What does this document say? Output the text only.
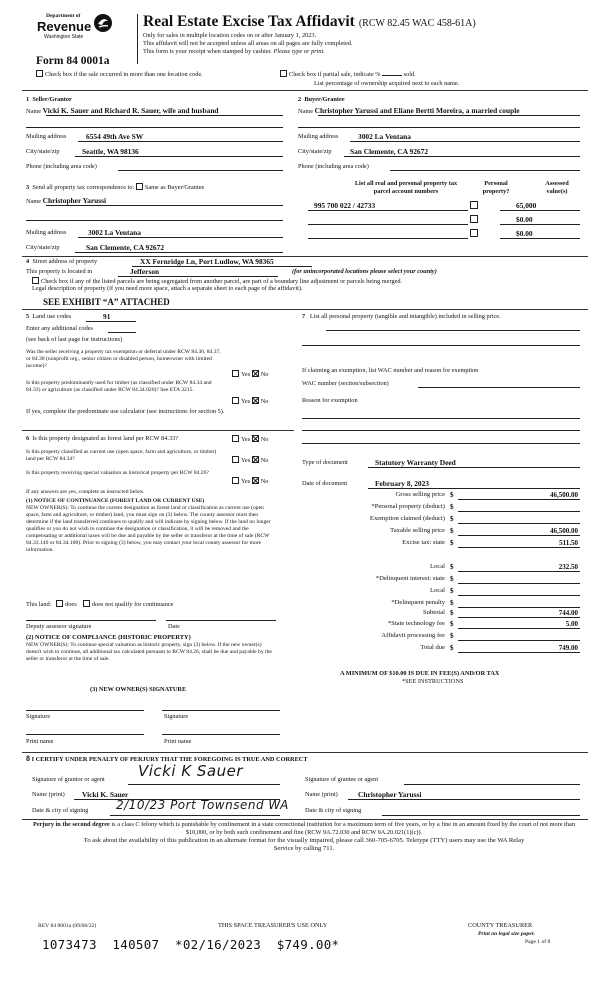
Department of
Revenue
Washington State
Form 84 0001a
Real Estate Excise Tax Affidavit (RCW 82.45 WAC 458-61A)
Only for sales in multiple location codes on or after January 1, 2023.
This affidavit will not be accepted unless all areas on all pages are fully completed.
This form is your receipt when stamped by cashier. Please type or print.
Check box if the sale occurred in more than one location code.	Check box if partial sale, indicate %	sold.
List percentage of ownership acquired next to each name.
1 Seller/Grantor
Name Vicki K. Sauer and Richard R. Sauer, wife and husband
Mailing address	6554 49th Ave SW
City/state/zip	Seattle, WA 98136
Phone (including area code)
2 Buyer/Grantee
Name Christopher Yarussi and Eliane Bertti Moreira, a married couple
Mailing address	3002 La Ventana
City/state/zip San Clemente, CA 92672
Phone (including area code)
3 Send all property tax correspondence to: Same as Buyer/Grantee
Name Christopher Yarussi
Mailing address	3002 La Ventana
City/state/zip	San Clemente, CA 92672
List all real and personal property tax parcel account numbers
Personal property?
Assessed value(s)
995 700 022 / 42733	65,000
$0.00
$0.00
4 Street address of property	XX Fernridge Ln, Port Ludlow, WA 98365
This property is located in	Jefferson	(for unincorporated locations please select your county)
Check box if any of the listed parcels are being segregated from another parcel, are part of a boundary line adjustment or parcels being merged.
Legal description of property (if you need more space, attach a separate sheet to each page of the affidavit).
SEE EXHIBIT “A” ATTACHED
5 Land use codes	91
Enter any additional codes
(see back of last page for instructions)
Was the seller receiving a property tax exemption or deferral under RCW 84.36, 84.37, or 84.38 (nonprofit org., senior citizen or disabled person, homeowner with limited income)?
Yes No
Is this property predominantly used for timber (as classified under RCW 84.34 and 84.33) or agriculture (as classified under RCW 84.34.020)? See ETA 3215.
Yes No
If yes, complete the predominate use calculator (see instructions for section 5).
7 List all personal property (tangible and intangible) included in selling price.
If claiming an exemption, list WAC number and reason for exemption
WAC number (section/subsection)
Reason for exemption
6 Is this property designated as forest land per RCW 84.33?	Yes No
Is this property classified as current use (open space, farm and agriculture, or timber) land per RCW 84.34?	Yes No
Is this property receiving special valuation as historical property per RCW 84.26?
Yes No
If any answers are yes, complete as instructed below.
(1) NOTICE OF CONTINUANCE (FOREST LAND OR CURRENT USE)
NEW OWNER(S): To continue the current designation as forest land or classification as current use (open space, farm and agriculture, or timber) land, you must sign on (3) below. The county assessor must then determine if the land transferred continues to qualify and will indicate by signing below. If the land no longer qualifies or you do not wish to continue the designation or classification, it will be removed and the compensating or additional taxes will be due and payable by the seller or transferor at the time of sale (RCW 84.33.140 or 84.34.108). Prior to signing (3) below, you may contact your local county assessor for more information.
This land: does does not qualify for continuance
Deputy assessor signature	Date
(2) NOTICE OF COMPLIANCE (HISTORIC PROPERTY)
NEW OWNER(S): To continue special valuation as historic property, sign (3) below. If the new owner(s) doesn't wish to continue, all additional tax calculated pursuant to RCW 84.26, shall be due and payable by the seller or transferor at the time of sale.
(3) NEW OWNER(S) SIGNATURE
Signature	Signature
Print name	Print name
Type of document	Statutory Warranty Deed
Date of document	February 8, 2023
Gross selling price $	46,500.00
*Personal property (deduct) $
Exemption claimed (deduct) $
Taxable selling price $	46,500.00
Excise tax: state $	511.50
Local $	232.50
*Delinquent interest: state $
Local $
*Delinquent penalty $
Subtotal $	744.00
*State technology fee $	5.00
Affidavit processing fee $
Total due $	749.00
A MINIMUM OF $10.00 IS DUE IN FEE(S) AND/OR TAX
*SEE INSTRUCTIONS
8 I CERTIFY UNDER PENALTY OF PERJURY THAT THE FOREGOING IS TRUE AND CORRECT
Signature of grantor or agent Vicki K Sauer	Signature of grantee or agent
Name (print) Vicki K. Sauer	Name (print)	Christopher Yarussi
Date & city of signing 2/10/23 Port Townsend WA	Date & city of signing
Perjury in the second degree is a class C felony which is punishable by confinement in a state correctional institution for a maximum term of five years, or by a fine in an amount fixed by the court of not more than $10,000, or by both such confinement and fine (RCW 9A.72.030 and RCW 9A.20.021(1)(c)).
To ask about the availability of this publication in an alternate format for the visually impaired, please call 360-705-6705. Teletype (TTY) users may use the WA Relay Service by calling 711.
REV 84 0001a (09/08/22)	THIS SPACE TREASURER'S USE ONLY	COUNTY TREASURER
Print on legal size paper.
Page 1 of 8
1073473  140507  *02/16/2023  $749.00*
